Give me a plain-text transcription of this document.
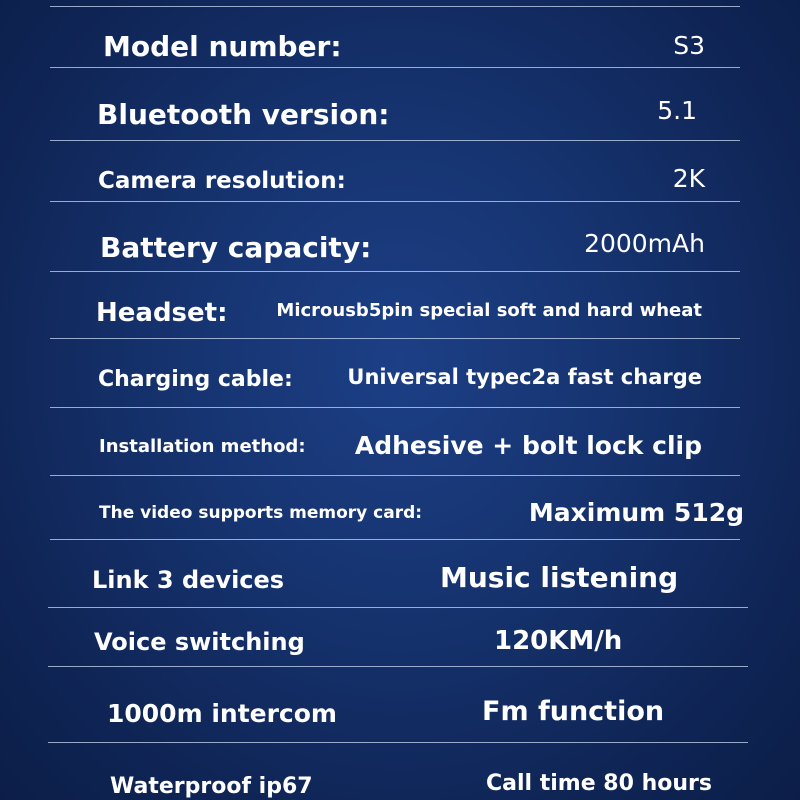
Model number:	S3
Bluetooth version:	5.1
Camera resolution:	2K
Battery capacity:	2000mAh
Headset:	Microusb5pin special soft and hard wheat
Charging cable:	Universal typec2a fast charge
Installation method: Adhesive + bolt lock clip
The video supports memory card:	Maximum 512g
Link 3 devices	Music listening
Voice switching	120KM/h
1000m intercom	Fm function
Waterproof ip67	Call time 80 hours
